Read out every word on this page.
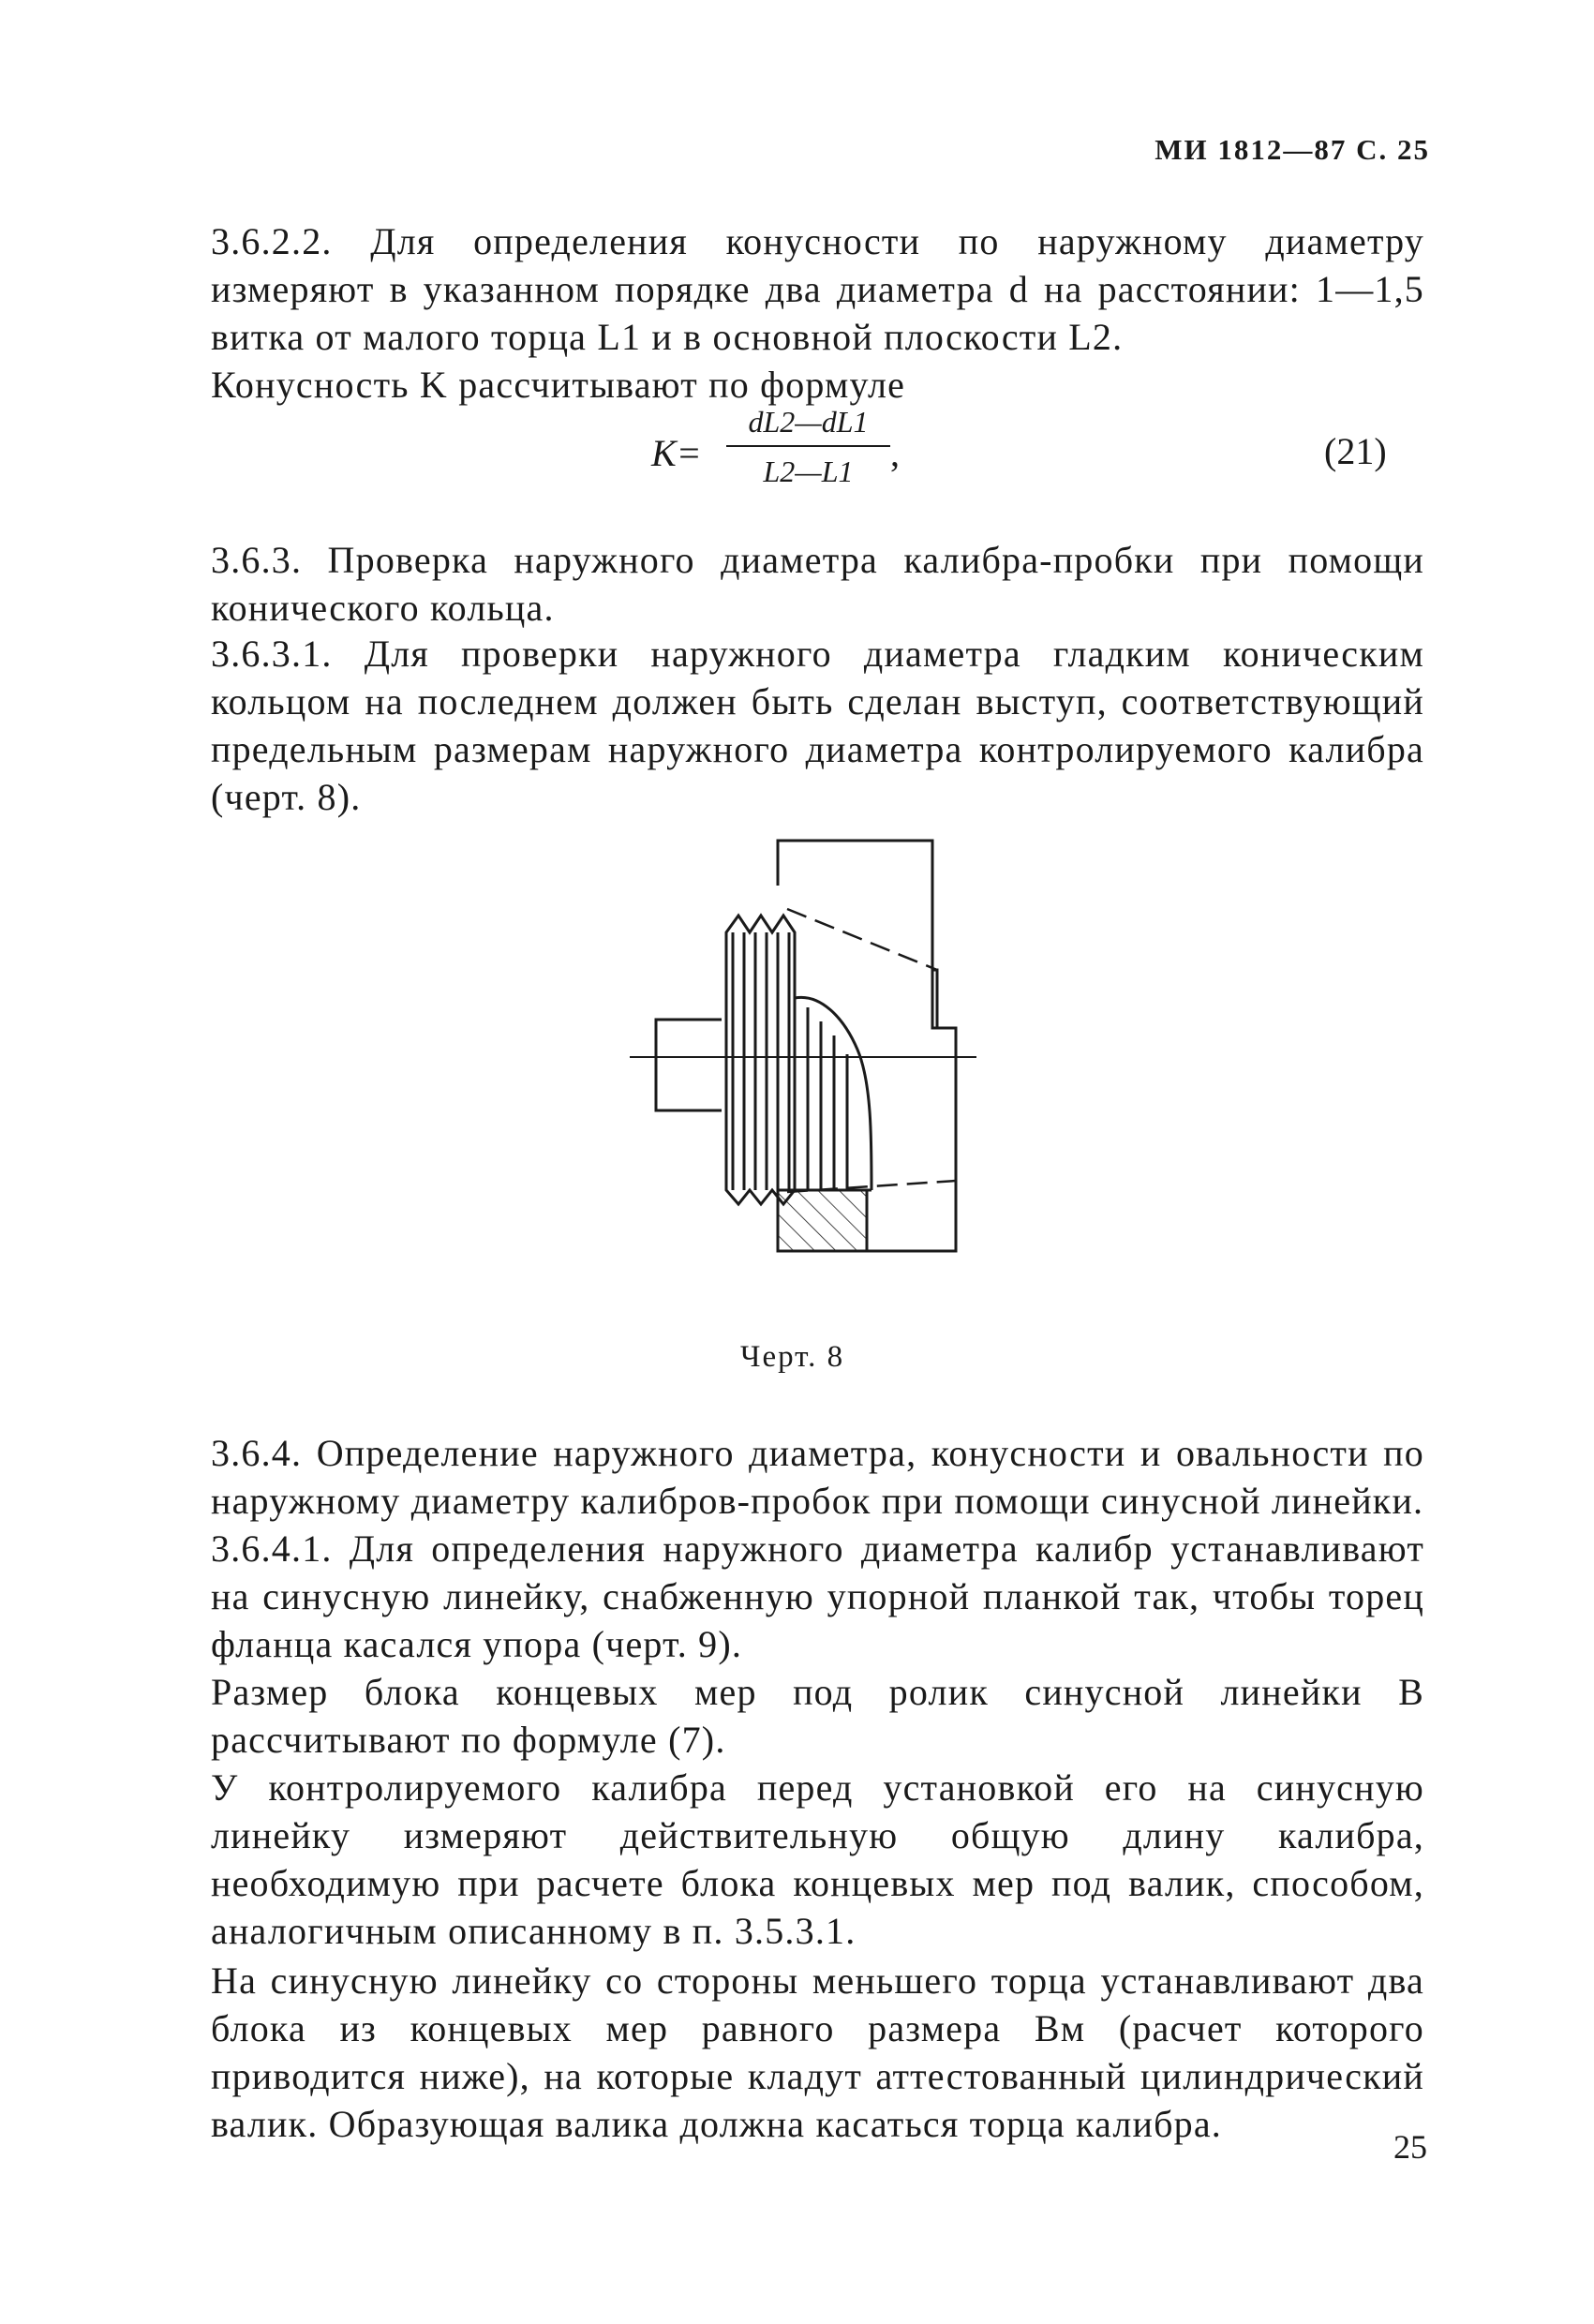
МИ 1812—87 С. 25

3.6.2.2. Для определения конусности по наружному диаметру измеряют в указанном порядке два диаметра d на расстоянии: 1—1,5 витка от малого торца L1 и в основной плоскости L2.

Конусность K рассчитывают по формуле

K=
dL2—dL1
L2—L1 ,	(21)

3.6.3. Проверка наружного диаметра калибра-пробки при помощи конического кольца.

3.6.3.1. Для проверки наружного диаметра гладким коническим кольцом на последнем должен быть сделан выступ, соответствующий предельным размерам наружного диаметра контролируемого калибра (черт. 8).

Черт. 8

3.6.4. Определение наружного диаметра, конусности и овальности по наружному диаметру калибров-пробок при помощи синусной линейки.

3.6.4.1. Для определения наружного диаметра калибр устанавливают на синусную линейку, снабженную упорной планкой так, чтобы торец фланца касался упора (черт. 9).

Размер блока концевых мер под ролик синусной линейки B рассчитывают по формуле (7).

У контролируемого калибра перед установкой его на синусную линейку измеряют действительную общую длину калибра, необходимую при расчете блока концевых мер под валик, способом, аналогичным описанному в п. 3.5.3.1.

На синусную линейку со стороны меньшего торца устанавливают два блока из концевых мер равного размера Bм (расчет которого приводится ниже), на которые кладут аттестованный цилиндрический валик. Образующая валика должна касаться торца калибра.

25
